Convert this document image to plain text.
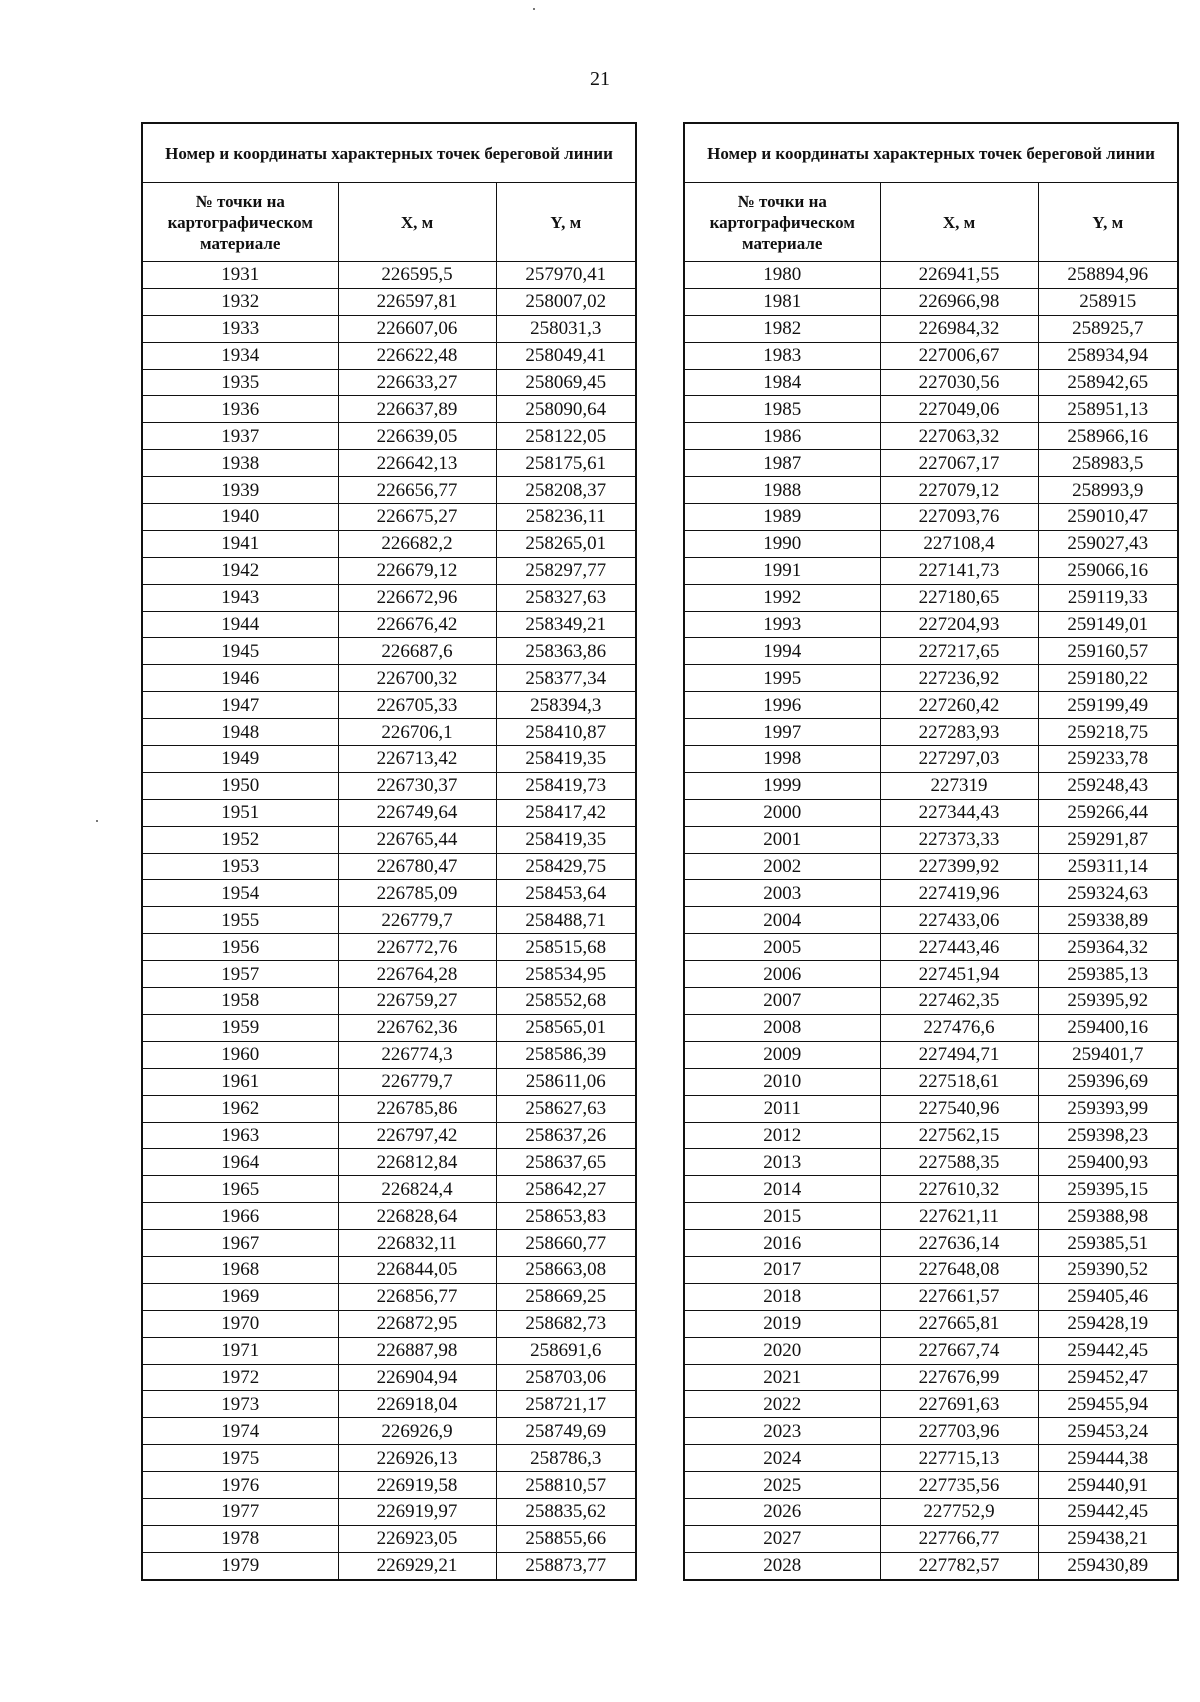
21
Номер и координаты характерных точек береговой линии		
№ точки на картографическом материале	X, м	Y, м
1931	226595,5	257970,41
1932	226597,81	258007,02
1933	226607,06	258031,3
1934	226622,48	258049,41
1935	226633,27	258069,45
1936	226637,89	258090,64
1937	226639,05	258122,05
1938	226642,13	258175,61
1939	226656,77	258208,37
1940	226675,27	258236,11
1941	226682,2	258265,01
1942	226679,12	258297,77
1943	226672,96	258327,63
1944	226676,42	258349,21
1945	226687,6	258363,86
1946	226700,32	258377,34
1947	226705,33	258394,3
1948	226706,1	258410,87
1949	226713,42	258419,35
1950	226730,37	258419,73
1951	226749,64	258417,42
1952	226765,44	258419,35
1953	226780,47	258429,75
1954	226785,09	258453,64
1955	226779,7	258488,71
1956	226772,76	258515,68
1957	226764,28	258534,95
1958	226759,27	258552,68
1959	226762,36	258565,01
1960	226774,3	258586,39
1961	226779,7	258611,06
1962	226785,86	258627,63
1963	226797,42	258637,26
1964	226812,84	258637,65
1965	226824,4	258642,27
1966	226828,64	258653,83
1967	226832,11	258660,77
1968	226844,05	258663,08
1969	226856,77	258669,25
1970	226872,95	258682,73
1971	226887,98	258691,6
1972	226904,94	258703,06
1973	226918,04	258721,17
1974	226926,9	258749,69
1975	226926,13	258786,3
1976	226919,58	258810,57
1977	226919,97	258835,62
1978	226923,05	258855,66
1979	226929,21	258873,77
Номер и координаты характерных точек береговой линии		
№ точки на картографическом материале	X, м	Y, м
1980	226941,55	258894,96
1981	226966,98	258915
1982	226984,32	258925,7
1983	227006,67	258934,94
1984	227030,56	258942,65
1985	227049,06	258951,13
1986	227063,32	258966,16
1987	227067,17	258983,5
1988	227079,12	258993,9
1989	227093,76	259010,47
1990	227108,4	259027,43
1991	227141,73	259066,16
1992	227180,65	259119,33
1993	227204,93	259149,01
1994	227217,65	259160,57
1995	227236,92	259180,22
1996	227260,42	259199,49
1997	227283,93	259218,75
1998	227297,03	259233,78
1999	227319	259248,43
2000	227344,43	259266,44
2001	227373,33	259291,87
2002	227399,92	259311,14
2003	227419,96	259324,63
2004	227433,06	259338,89
2005	227443,46	259364,32
2006	227451,94	259385,13
2007	227462,35	259395,92
2008	227476,6	259400,16
2009	227494,71	259401,7
2010	227518,61	259396,69
2011	227540,96	259393,99
2012	227562,15	259398,23
2013	227588,35	259400,93
2014	227610,32	259395,15
2015	227621,11	259388,98
2016	227636,14	259385,51
2017	227648,08	259390,52
2018	227661,57	259405,46
2019	227665,81	259428,19
2020	227667,74	259442,45
2021	227676,99	259452,47
2022	227691,63	259455,94
2023	227703,96	259453,24
2024	227715,13	259444,38
2025	227735,56	259440,91
2026	227752,9	259442,45
2027	227766,77	259438,21
2028	227782,57	259430,89
